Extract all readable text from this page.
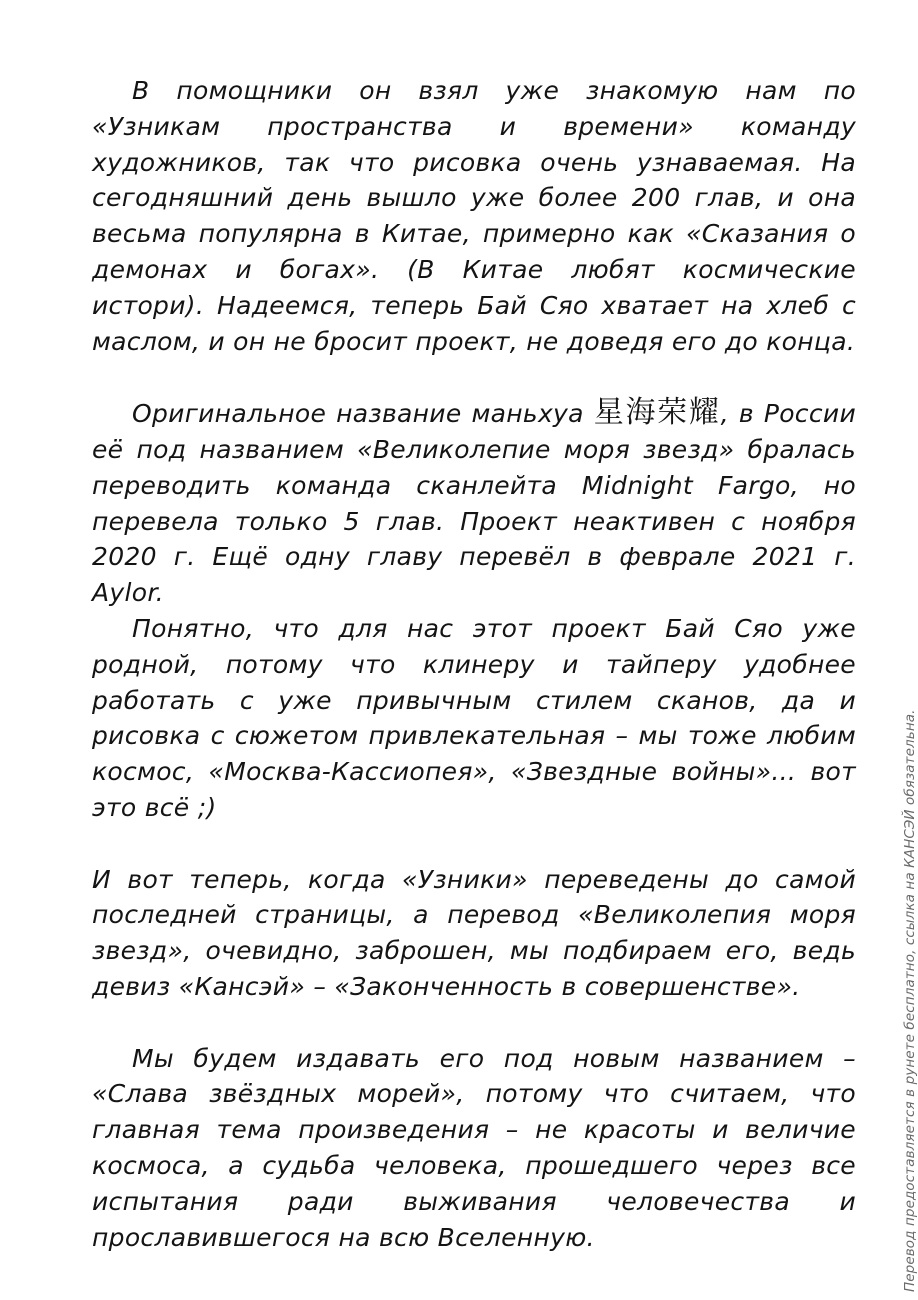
В помощники он взял уже знакомую нам по «Узникам пространства и времени» команду художников, так что рисовка очень узнаваемая. На сегодняшний день вышло уже более 200 глав, и она весьма популярна в Китае, примерно как «Сказания о демонах и богах». (В Китае любят космические истори). Надеемся, теперь Бай Сяо хватает на хлеб с маслом, и он не бросит проект, не доведя его до конца.

Оригинальное название маньхуа 星海荣耀, в России её под названием «Великолепие моря звезд» бралась переводить команда сканлейта Midnight Fargo, но перевела только 5 глав. Проект неактивен с ноября 2020 г. Ещё одну главу перевёл в феврале 2021 г. Aylor.

Понятно, что для нас этот проект Бай Сяо уже родной, потому что клинеру и тайперу удобнее работать с уже привычным стилем сканов, да и рисовка с сюжетом привлекательная – мы тоже любим космос, «Москва-Кассиопея», «Звездные войны»... вот это всё ;)

И вот теперь, когда «Узники» переведены до самой последней страницы, а перевод «Великолепия моря звезд», очевидно, заброшен, мы подбираем его, ведь девиз «Кансэй» – «Законченность в совершенстве».

Мы будем издавать его под новым названием – «Слава звёздных морей», потому что считаем, что главная тема произведения – не красоты и величие космоса, а судьба человека, прошедшего через все испытания ради выживания человечества и прославившегося на всю Вселенную.	Перевод предоставляется в рунете бесплатно, ссылка на КАНСЭЙ обязательна.
